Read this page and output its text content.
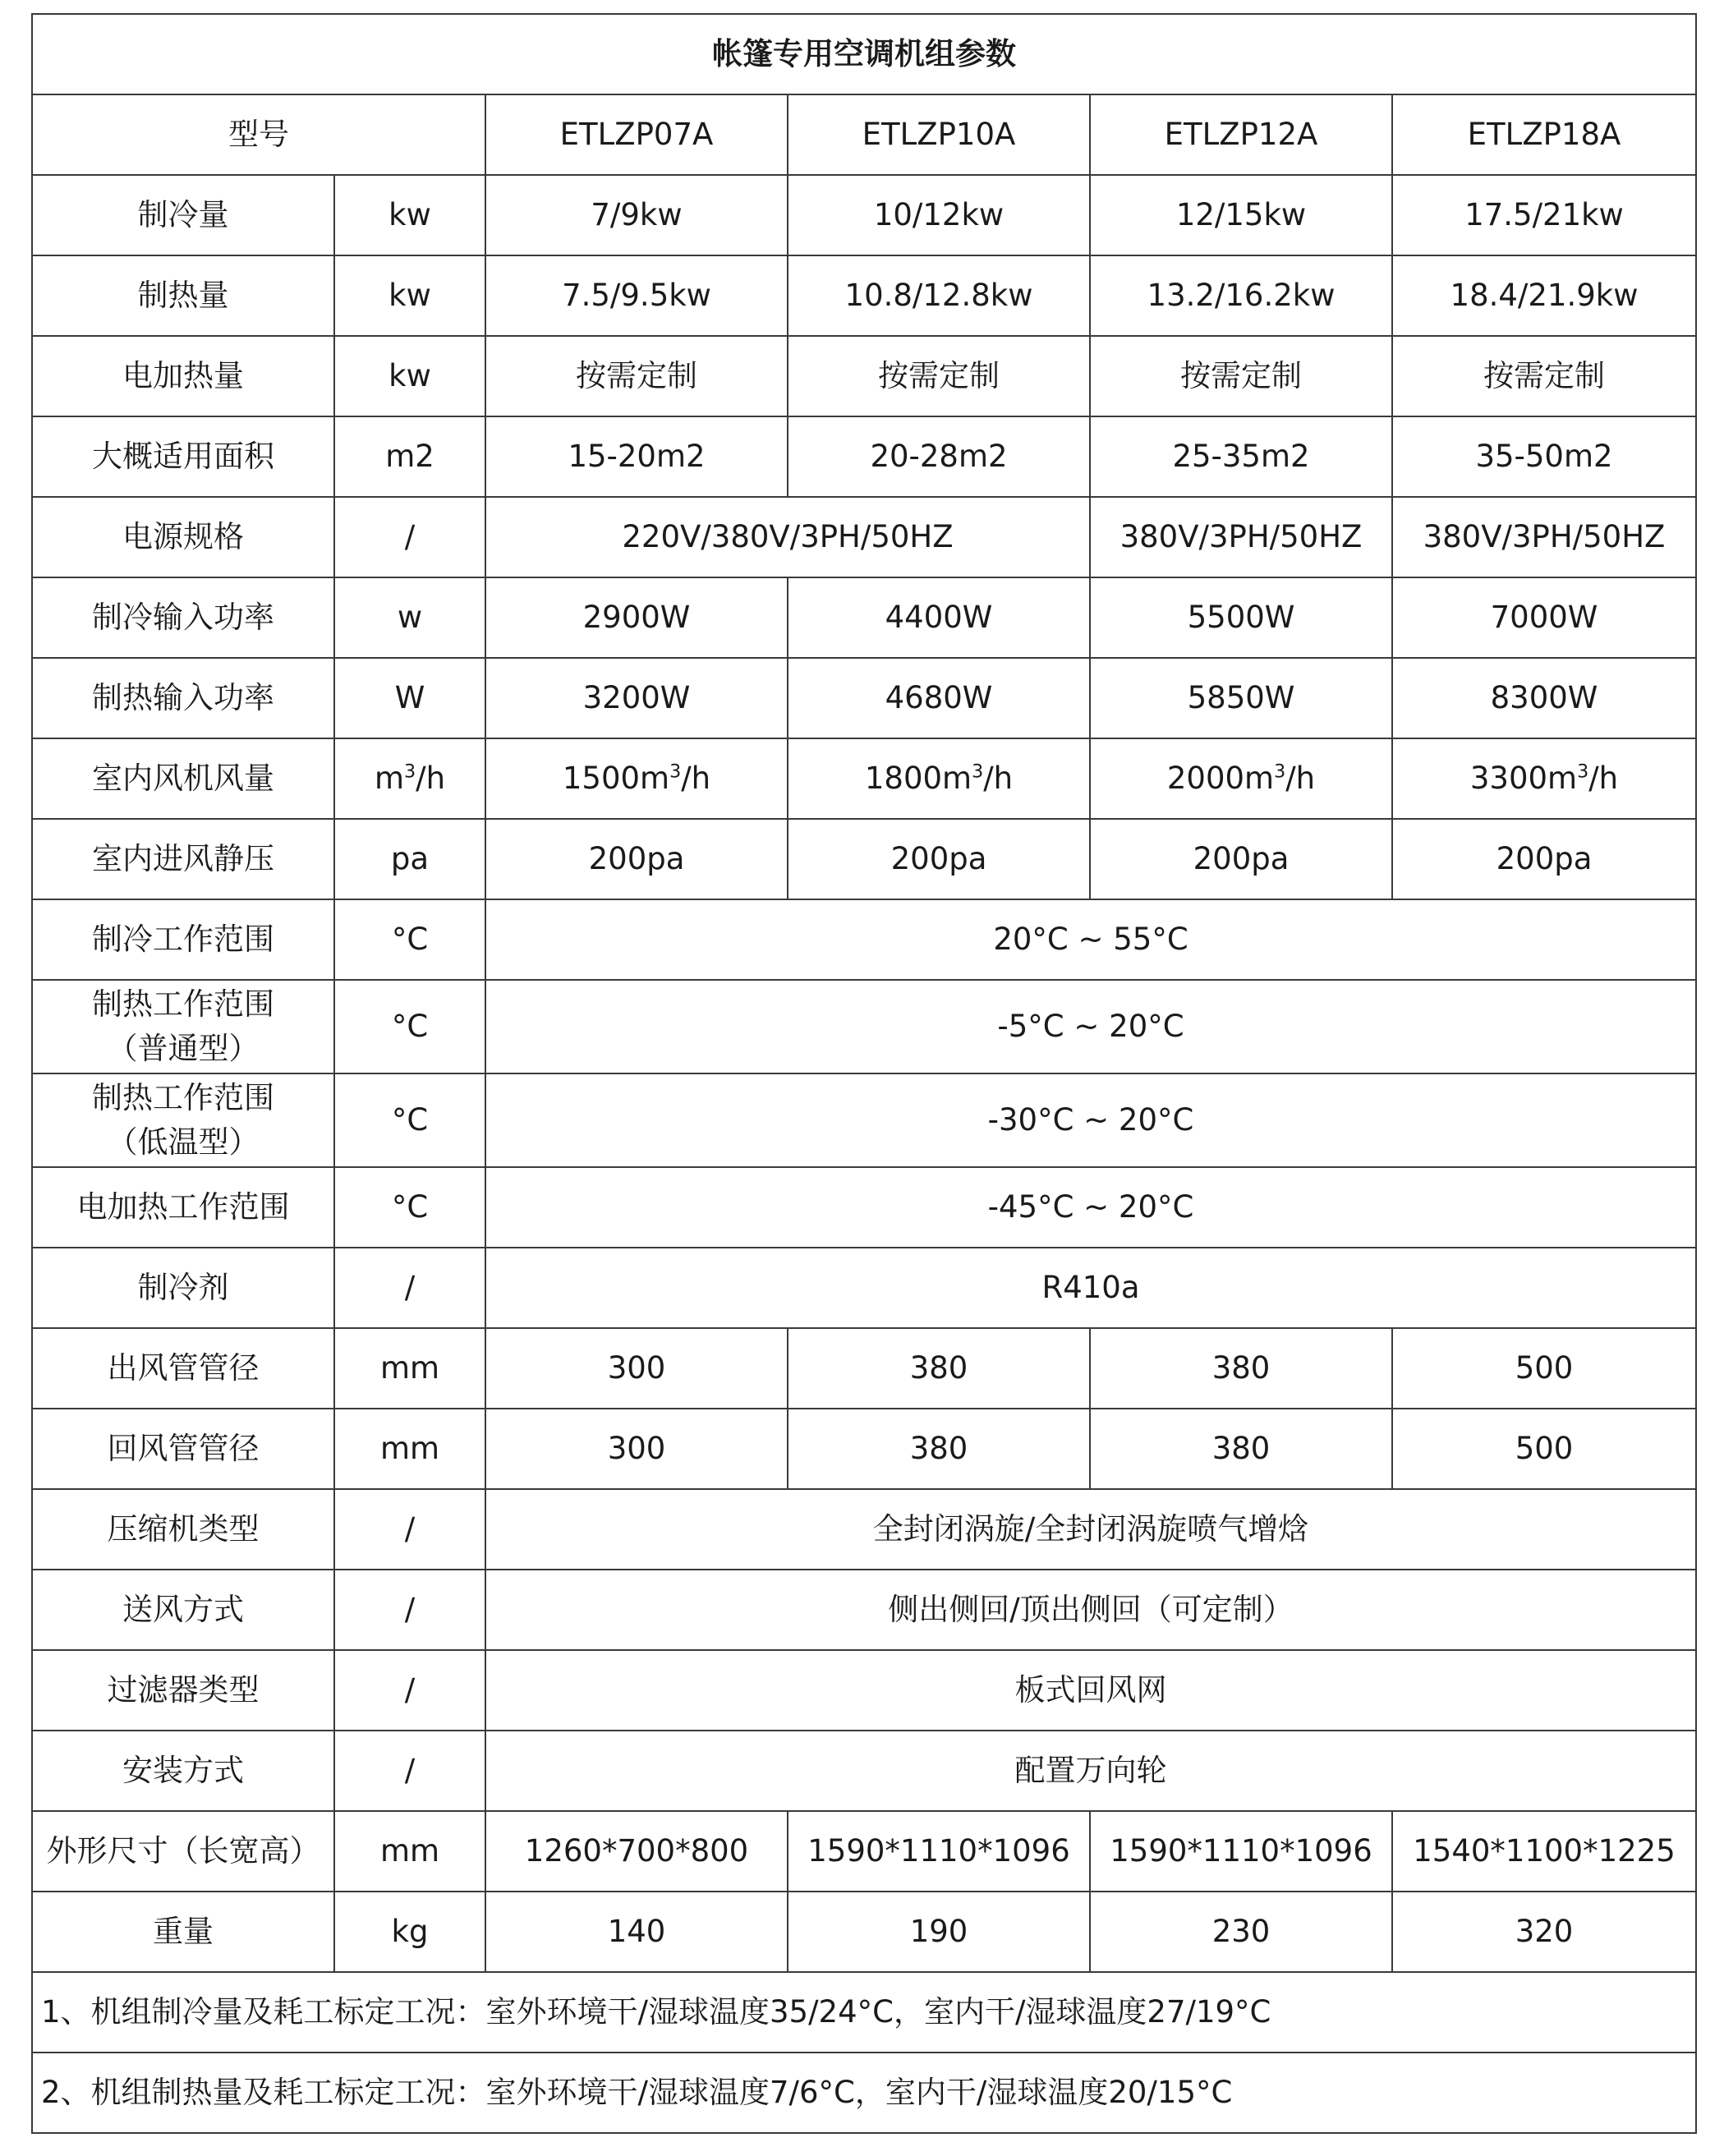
帐篷专用空调机组参数					
型号		ETLZP07A	ETLZP10A	ETLZP12A	ETLZP18A
制冷量	kw	7/9kw	10/12kw	12/15kw	17.5/21kw
制热量	kw	7.5/9.5kw	10.8/12.8kw	13.2/16.2kw	18.4/21.9kw
电加热量	kw	按需定制	按需定制	按需定制	按需定制
大概适用面积	m2	15-20m2	20-28m2	25-35m2	35-50m2
电源规格	/	220V/380V/3PH/50HZ		380V/3PH/50HZ	380V/3PH/50HZ
制冷输入功率	w	2900W	4400W	5500W	7000W
制热输入功率	W	3200W	4680W	5850W	8300W
室内风机风量	$m^3/h$	$1500m^3/h$	$1800m^3/h$	$2000m^3/h$	$3300m^3/h$
室内进风静压	pa	200pa	200pa	200pa	200pa
制冷工作范围	°C	20°C ~ 55°C			

制热工作范围
（普通型）	°C	-5°C ~ 20°C			

制热工作范围
（低温型）	°C	-30°C ~ 20°C			
电加热工作范围	°C	-45°C ~ 20°C			
制冷剂	/	R410a			
出风管管径	mm	300	380	380	500
回风管管径	mm	300	380	380	500
压缩机类型	/	全封闭涡旋/全封闭涡旋喷气增焓			
送风方式	/	侧出侧回/顶出侧回（可定制）			
过滤器类型	/	板式回风网			
安装方式	/	配置万向轮			
外形尺寸（长宽高）	mm	1260*700*800	1590*1110*1096	1590*1110*1096	1540*1100*1225
重量	kg	140	190	230	320
1、机组制冷量及耗工标定工况：室外环境干/湿球温度35/24°C，室内干/湿球温度27/19°C					
2、机组制热量及耗工标定工况：室外环境干/湿球温度7/6°C，室内干/湿球温度20/15°C					
